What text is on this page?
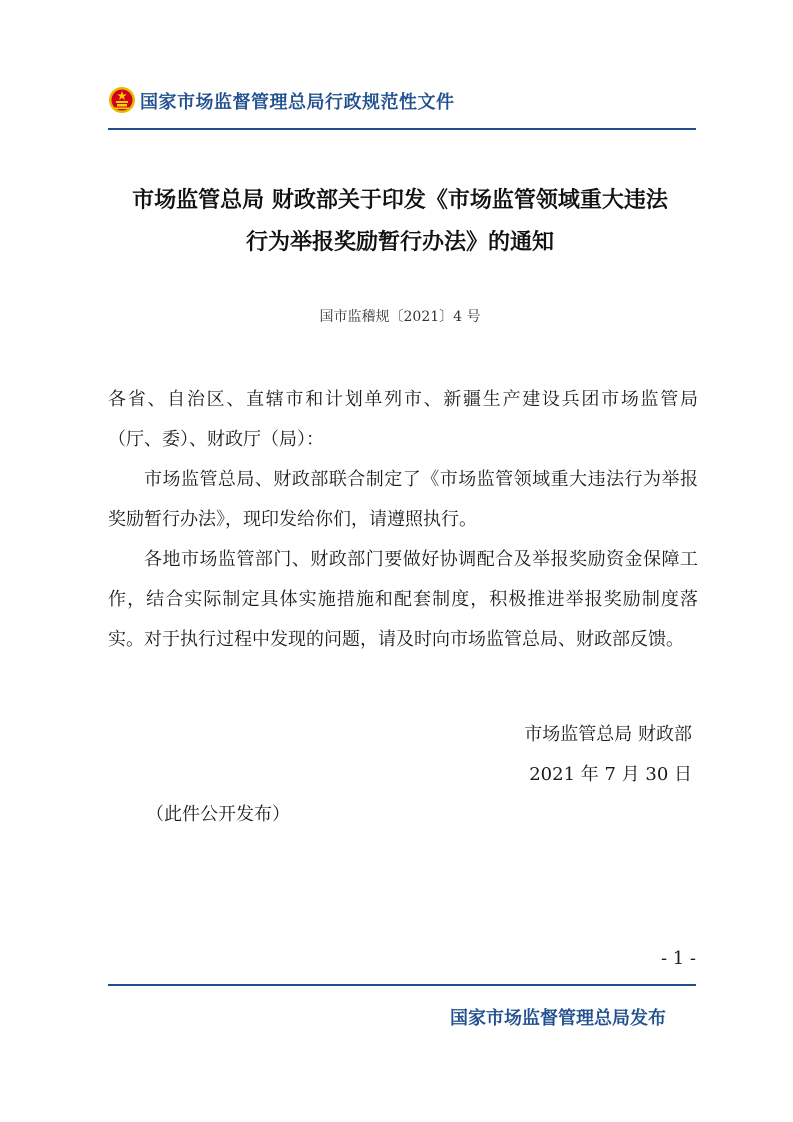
国家市场监督管理总局行政规范性文件
市场监管总局 财政部关于印发《市场监管领域重大违法
行为举报奖励暂行办法》的通知
国市监稽规〔2021〕4 号

各省、自治区、直辖市和计划单列市、新疆生产建设兵团市场监管局（厅、委）、财政厅（局）：

市场监管总局、财政部联合制定了《市场监管领域重大违法行为举报奖励暂行办法》，现印发给你们，请遵照执行。

各地市场监管部门、财政部门要做好协调配合及举报奖励资金保障工作，结合实际制定具体实施措施和配套制度，积极推进举报奖励制度落实。对于执行过程中发现的问题，请及时向市场监管总局、财政部反馈。

市场监管总局 财政部
2021 年 7 月 30 日
（此件公开发布）
- 1 -
国家市场监督管理总局发布
